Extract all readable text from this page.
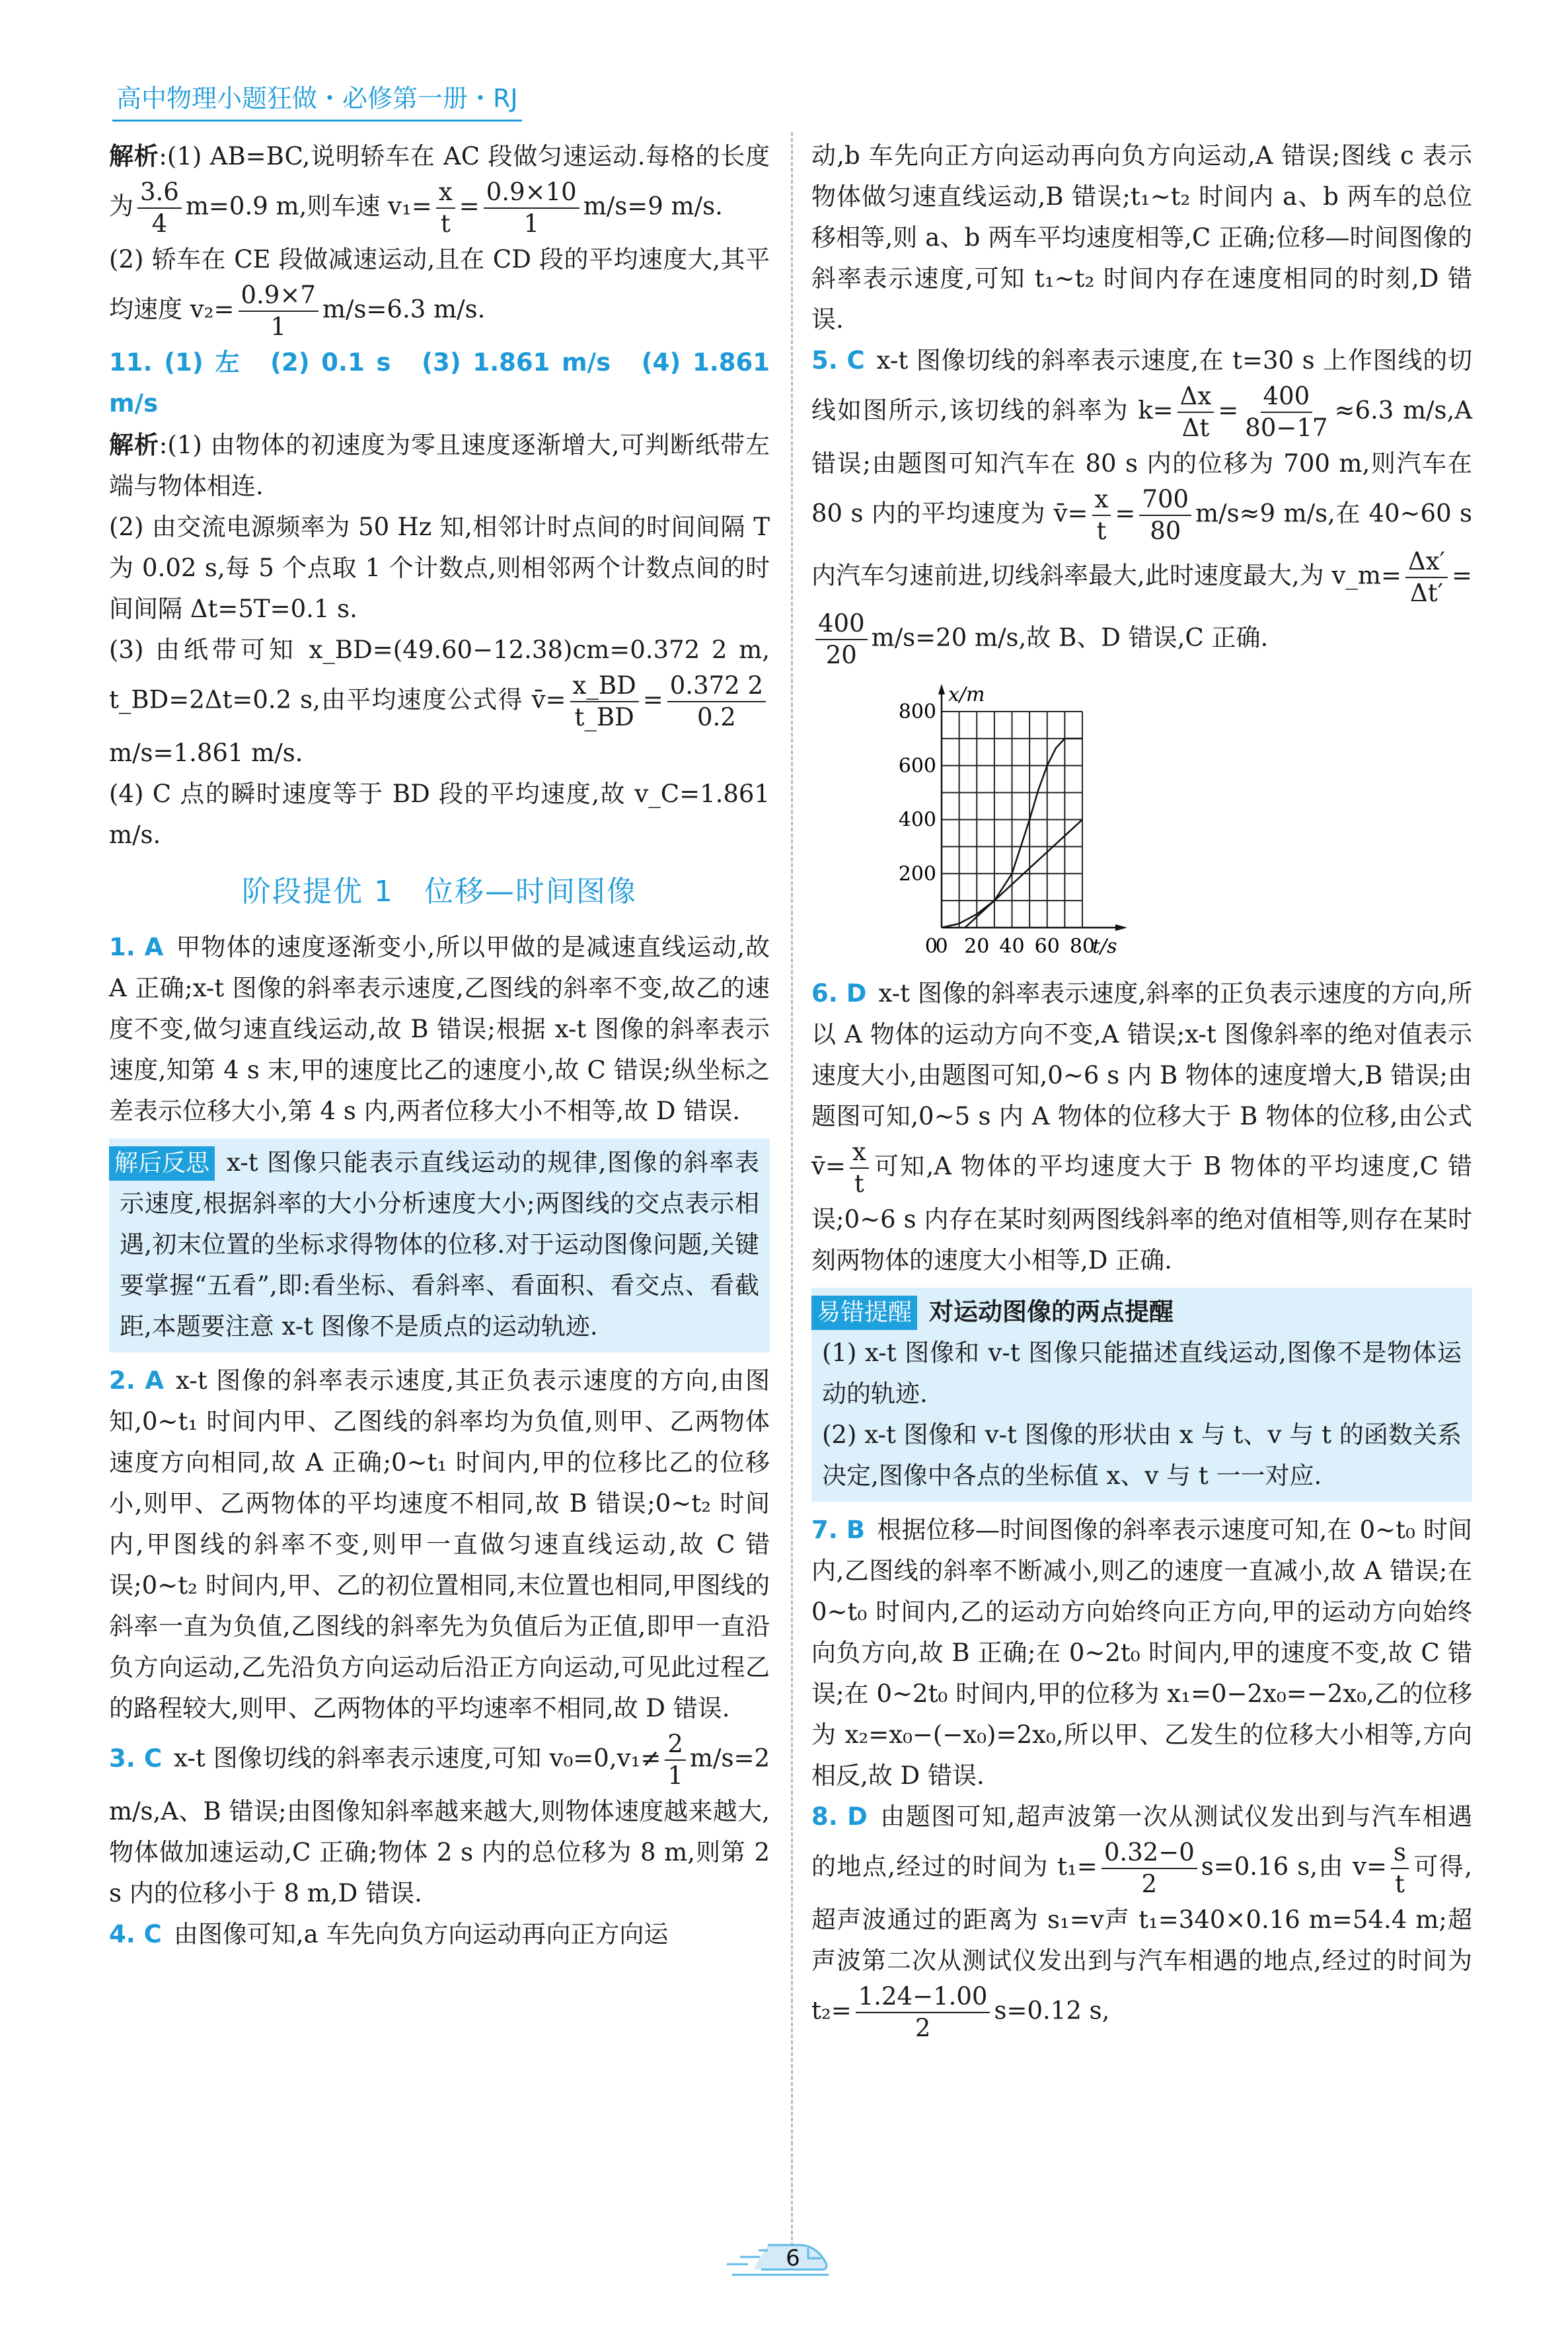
高中物理小题狂做・必修第一册・RJ

解析:(1) AB=BC,说明轿车在 AC 段做匀速运动.每格的长度为 $\frac{3.6}{4} m=0.9$ m,则车速 $v_1= \frac{x}{t} = \frac{0.9\times 10}{1} m/s=9$ m/s.

(2) 轿车在 CE 段做减速运动,且在 CD 段的平均速度大,其平均速度 $v_2= \frac{0.9\times 7}{1} m/s=6.3$ m/s.

11. (1) 左　(2) 0.1 s　(3) 1.861 m/s　(4) 1.861 m/s

解析:(1) 由物体的初速度为零且速度逐渐增大,可判断纸带左端与物体相连.

(2) 由交流电源频率为 50 Hz 知,相邻计时点间的时间间隔 T 为 0.02 s,每 5 个点取 1 个计数点,则相邻两个计数点间的时间间隔 Δt=5T=0.1 s.

(3) 由纸带可知 x_BD=(49.60−12.38)cm=0.372 2 m, t_BD=2Δt=0.2 s,由平均速度公式得 v̄= $\frac{x\_BD}{t\_BD} = \frac{0.372 2}{0.2}$
m/s=1.861 m/s.

(4) C 点的瞬时速度等于 BD 段的平均速度,故 v_C=1.861 m/s.

阶段提优 1　位移—时间图像

1. A 甲物体的速度逐渐变小,所以甲做的是减速直线运动,故 A 正确;x-t 图像的斜率表示速度,乙图线的斜率不变,故乙的速度不变,做匀速直线运动,故 B 错误;根据 x-t 图像的斜率表示速度,知第 4 s 末,甲的速度比乙的速度小,故 C 错误;纵坐标之差表示位移大小,第 4 s 内,两者位移大小不相等,故 D 错误.

解后反思 x-t 图像只能表示直线运动的规律,图像的斜率表示速度,根据斜率的大小分析速度大小;两图线的交点表示相遇,初末位置的坐标求得物体的位移.对于运动图像问题,关键要掌握“五看”,即:看坐标、看斜率、看面积、看交点、看截距,本题要注意 x-t 图像不是质点的运动轨迹.

2. A x-t 图像的斜率表示速度,其正负表示速度的方向,由图知,0~t₁ 时间内甲、乙图线的斜率均为负值,则甲、乙两物体速度方向相同,故 A 正确;0~t₁ 时间内,甲的位移比乙的位移小,则甲、乙两物体的平均速度不相同,故 B 错误;0~t₂ 时间内,甲图线的斜率不变,则甲一直做匀速直线运动,故 C 错误;0~t₂ 时间内,甲、乙的初位置相同,末位置也相同,甲图线的斜率一直为负值,乙图线的斜率先为负值后为正值,即甲一直沿负方向运动,乙先沿负方向运动后沿正方向运动,可见此过程乙的路程较大,则甲、乙两物体的平均速率不相同,故 D 错误.

3. C x-t 图像切线的斜率表示速度,可知 $v_0=0,v_1\ne \frac{2}{1} m/s=2$ m/s,A、B 错误;由图像知斜率越来越大,则物体速度越来越大,物体做加速运动,C 正确;物体 2 s 内的总位移为 8 m,则第 2 s 内的位移小于 8 m,D 错误.

4. C 由图像可知,a 车先向负方向运动再向正方向运

动,b 车先向正方向运动再向负方向运动,A 错误;图线 c 表示物体做匀速直线运动,B 错误;t₁~t₂ 时间内 a、b 两车的总位移相等,则 a、b 两车平均速度相等,C 正确;位移—时间图像的斜率表示速度,可知 t₁~t₂ 时间内存在速度相同的时刻,D 错误.

5. C x-t 图像切线的斜率表示速度,在 t=30 s 上作图线的切线如图所示,该切线的斜率为 $k= \frac{\Delta x}{\Delta t} = \frac{400}{80-17} \approx 6.3$ m/s,A 错误;由题图可知汽车在 80 s 内的位移为 700 m,则汽车在 80 s 内的平均速度为 v̄= $\frac{x}{t} = \frac{700}{80} m/s\approx 9$ m/s,在 40~60 s 内汽车匀速前进,切线斜率最大,此时速度最大,为 v_m= $\frac{\Delta x'}{\Delta t'}$ =
$\frac{400}{20} m/s=20$ m/s,故 B、D 错误,C 正确.

0 20 40 60 80
0
200
400
600
800
x/m
t/s

6. D x-t 图像的斜率表示速度,斜率的正负表示速度的方向,所以 A 物体的运动方向不变,A 错误;x-t 图像斜率的绝对值表示速度大小,由题图可知,0~6 s 内 B 物体的速度增大,B 错误;由题图可知,0~5 s 内 A 物体的位移大于 B 物体的位移,由公式 v̄= $\frac{x}{t}$ 可知,A 物体的平均速度大于 B 物体的平均速度,C 错误;0~6 s 内存在某时刻两图线斜率的绝对值相等,则存在某时刻两物体的速度大小相等,D 正确.

易错提醒 对运动图像的两点提醒

(1) x-t 图像和 v-t 图像只能描述直线运动,图像不是物体运动的轨迹.

(2) x-t 图像和 v-t 图像的形状由 x 与 t、v 与 t 的函数关系决定,图像中各点的坐标值 x、v 与 t 一一对应.

7. B 根据位移—时间图像的斜率表示速度可知,在 0~t₀ 时间内,乙图线的斜率不断减小,则乙的速度一直减小,故 A 错误;在 0~t₀ 时间内,乙的运动方向始终向正方向,甲的运动方向始终向负方向,故 B 正确;在 0~2t₀ 时间内,甲的速度不变,故 C 错误;在 0~2t₀ 时间内,甲的位移为 x₁=0−2x₀=−2x₀,乙的位移为 x₂=x₀−(−x₀)=2x₀,所以甲、乙发生的位移大小相等,方向相反,故 D 错误.

8. D 由题图可知,超声波第一次从测试仪发出到与汽车相遇的地点,经过的时间为 $t_1= \frac{0.32-0}{2} s=0.16$ s,由 $v= \frac{s}{t}$ 可得,超声波通过的距离为 s₁=v声 t₁=340×0.16 m=54.4 m;超声波第二次从测试仪发出到与汽车相遇的地点,经过的时间为 $t_2= \frac{1.24-1.00}{2} s=0.12$ s,

6
